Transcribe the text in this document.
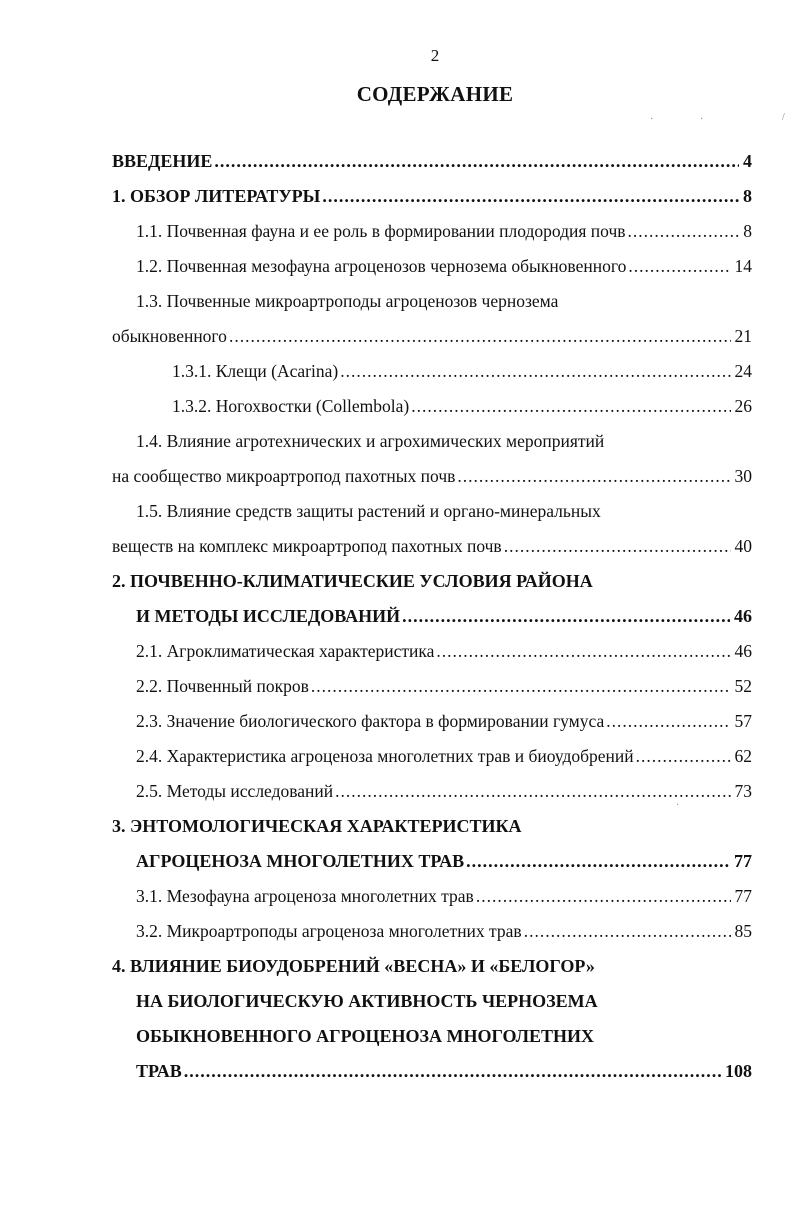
2
СОДЕРЖАНИЕ
ВВЕДЕНИЕ .....	4
1. ОБЗОР ЛИТЕРАТУРЫ .....	8
1.1. Почвенная фауна и ее роль в формировании плодородия почв .....	8
1.2. Почвенная мезофауна агроценозов чернозема обыкновенного .....	14
1.3. Почвенные микроартроподы агроценозов чернозема
обыкновенного .....	21
1.3.1. Клещи (Acarina) .....	24
1.3.2. Ногохвостки (Collembola) .....	26
1.4. Влияние агротехнических и агрохимических мероприятий
на сообщество микроартропод пахотных почв .....	30
1.5. Влияние средств защиты растений и органо-минеральных
веществ на комплекс микроартропод пахотных почв .....	40
2. ПОЧВЕННО-КЛИМАТИЧЕСКИЕ УСЛОВИЯ РАЙОНА
И МЕТОДЫ ИССЛЕДОВАНИЙ .....	46
2.1. Агроклиматическая характеристика .....	46
2.2. Почвенный покров .....	52
2.3. Значение биологического фактора в формировании гумуса .....	57
2.4. Характеристика агроценоза многолетних трав и биоудобрений .....	62
2.5. Методы исследований .....	73
3. ЭНТОМОЛОГИЧЕСКАЯ ХАРАКТЕРИСТИКА
АГРОЦЕНОЗА МНОГОЛЕТНИХ ТРАВ .....	77
3.1. Мезофауна агроценоза многолетних трав .....	77
3.2. Микроартроподы агроценоза многолетних трав .....	85
4. ВЛИЯНИЕ БИОУДОБРЕНИЙ «ВЕСНА» И «БЕЛОГОР»
НА БИОЛОГИЧЕСКУЮ АКТИВНОСТЬ ЧЕРНОЗЕМА
ОБЫКНОВЕННОГО АГРОЦЕНОЗА МНОГОЛЕТНИХ
ТРАВ .....	108
·	·	/
·
